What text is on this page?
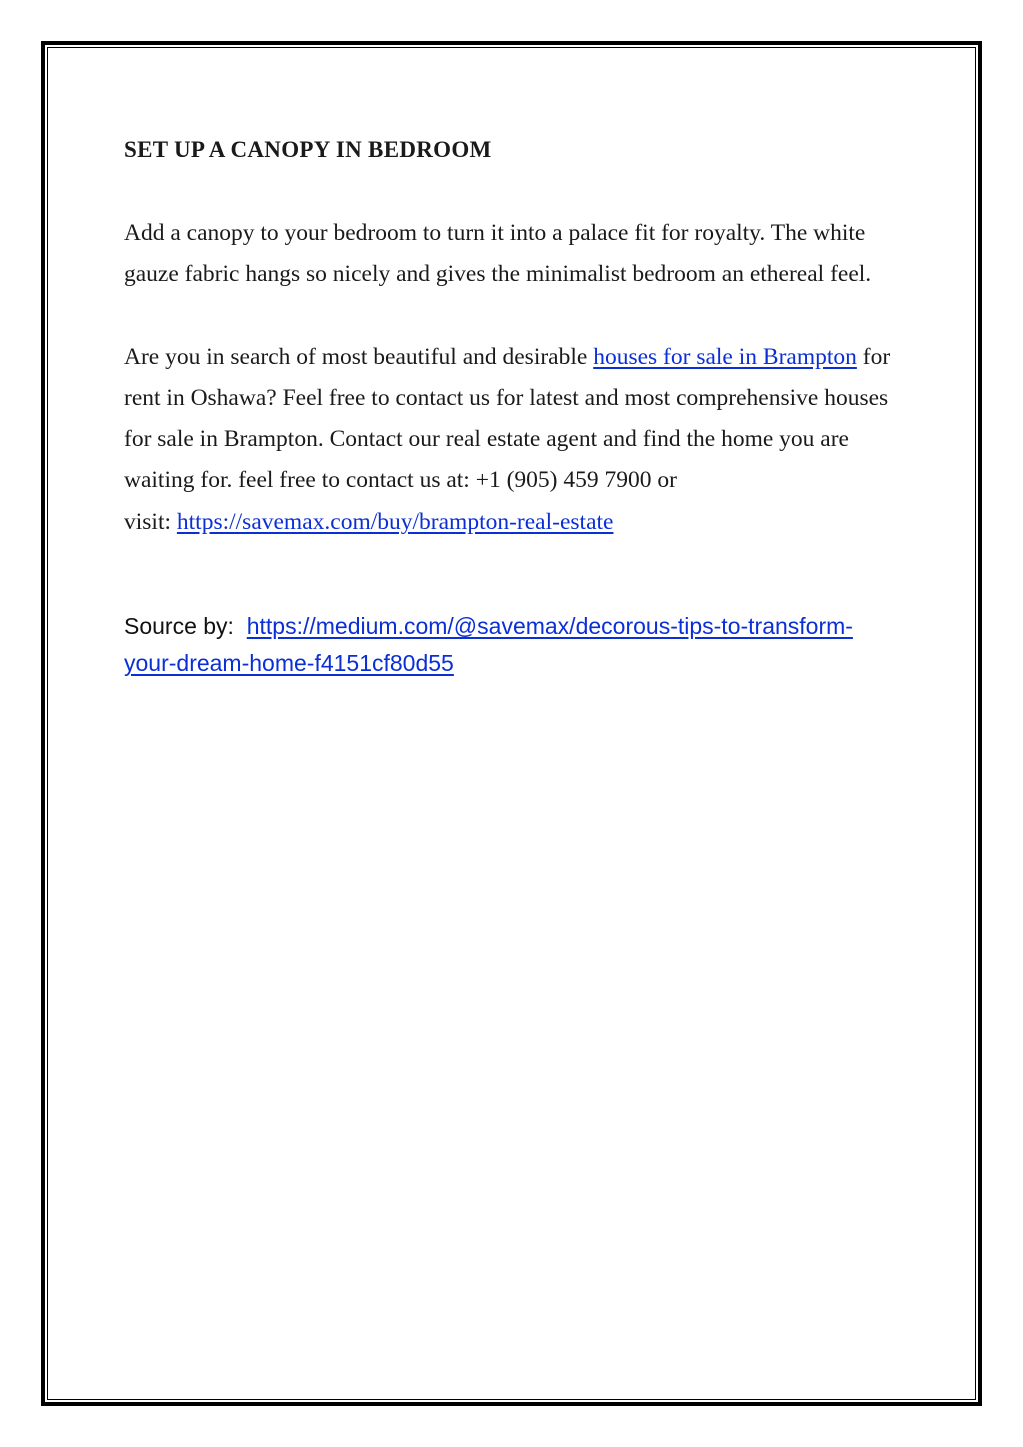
SET UP A CANOPY IN BEDROOM

Add a canopy to your bedroom to turn it into a palace fit for royalty. The white gauze fabric hangs so nicely and gives the minimalist bedroom an ethereal feel.

Are you in search of most beautiful and desirable houses for sale in Brampton for rent in Oshawa? Feel free to contact us for latest and most comprehensive houses for sale in Brampton. Contact our real estate agent and find the home you are waiting for. feel free to contact us at: +1 (905) 459 7900 or
visit: https://savemax.com/buy/brampton-real-estate

Source by:  https://medium.com/@savemax/decorous-tips-to-transform-your-dream-home-f4151cf80d55
